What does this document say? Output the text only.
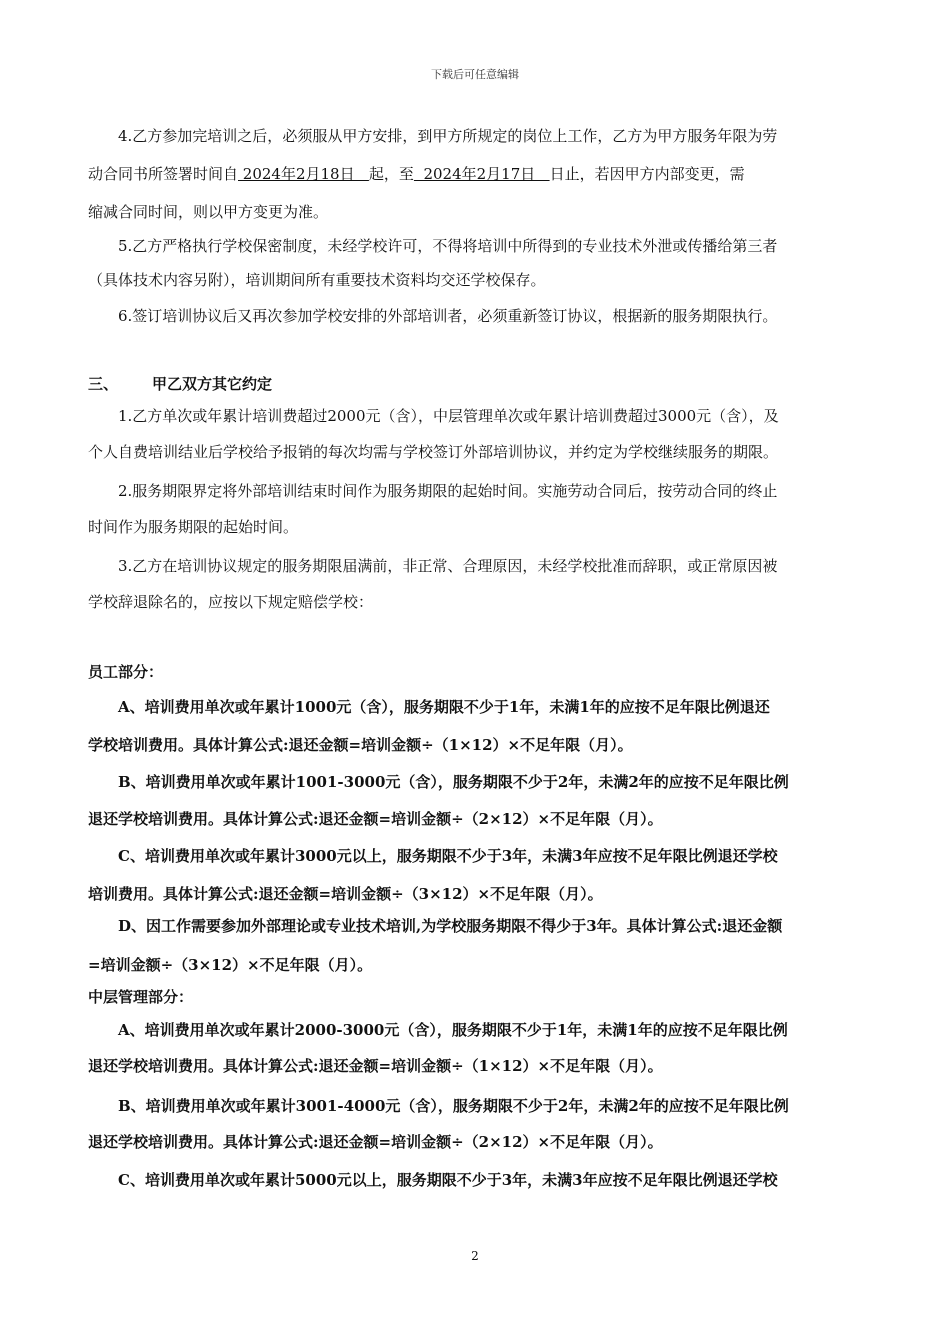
下载后可任意编辑
4.乙方参加完培训之后，必须服从甲方安排，到甲方所规定的岗位上工作，乙方为甲方服务年限为劳
动合同书所签署时间自 2024年2月18日   起，至  2024年2月17日   日止，若因甲方内部变更，需
缩减合同时间，则以甲方变更为准。
5.乙方严格执行学校保密制度，未经学校许可，不得将培训中所得到的专业技术外泄或传播给第三者
（具体技术内容另附），培训期间所有重要技术资料均交还学校保存。
6.签订培训协议后又再次参加学校安排的外部培训者，必须重新签订协议，根据新的服务期限执行。
三、 甲乙双方其它约定
1.乙方单次或年累计培训费超过2000元（含），中层管理单次或年累计培训费超过3000元（含），及
个人自费培训结业后学校给予报销的每次均需与学校签订外部培训协议，并约定为学校继续服务的期限。
2.服务期限界定将外部培训结束时间作为服务期限的起始时间。实施劳动合同后，按劳动合同的终止
时间作为服务期限的起始时间。
3.乙方在培训协议规定的服务期限届满前，非正常、合理原因，未经学校批准而辞职，或正常原因被
学校辞退除名的，应按以下规定赔偿学校：
员工部分：
A、培训费用单次或年累计1000元（含），服务期限不少于1年，未满1年的应按不足年限比例退还
学校培训费用。具体计算公式:退还金额=培训金额÷（1×12）×不足年限（月）。
B、培训费用单次或年累计1001-3000元（含），服务期限不少于2年，未满2年的应按不足年限比例
退还学校培训费用。具体计算公式:退还金额=培训金额÷（2×12）×不足年限（月）。
C、培训费用单次或年累计3000元以上，服务期限不少于3年，未满3年应按不足年限比例退还学校
培训费用。具体计算公式:退还金额=培训金额÷（3×12）×不足年限（月）。
D、因工作需要参加外部理论或专业技术培训,为学校服务期限不得少于3年。具体计算公式:退还金额
=培训金额÷（3×12）×不足年限（月）。
中层管理部分：
A、培训费用单次或年累计2000-3000元（含），服务期限不少于1年，未满1年的应按不足年限比例
退还学校培训费用。具体计算公式:退还金额=培训金额÷（1×12）×不足年限（月）。
B、培训费用单次或年累计3001-4000元（含），服务期限不少于2年，未满2年的应按不足年限比例
退还学校培训费用。具体计算公式:退还金额=培训金额÷（2×12）×不足年限（月）。
C、培训费用单次或年累计5000元以上，服务期限不少于3年，未满3年应按不足年限比例退还学校
2
